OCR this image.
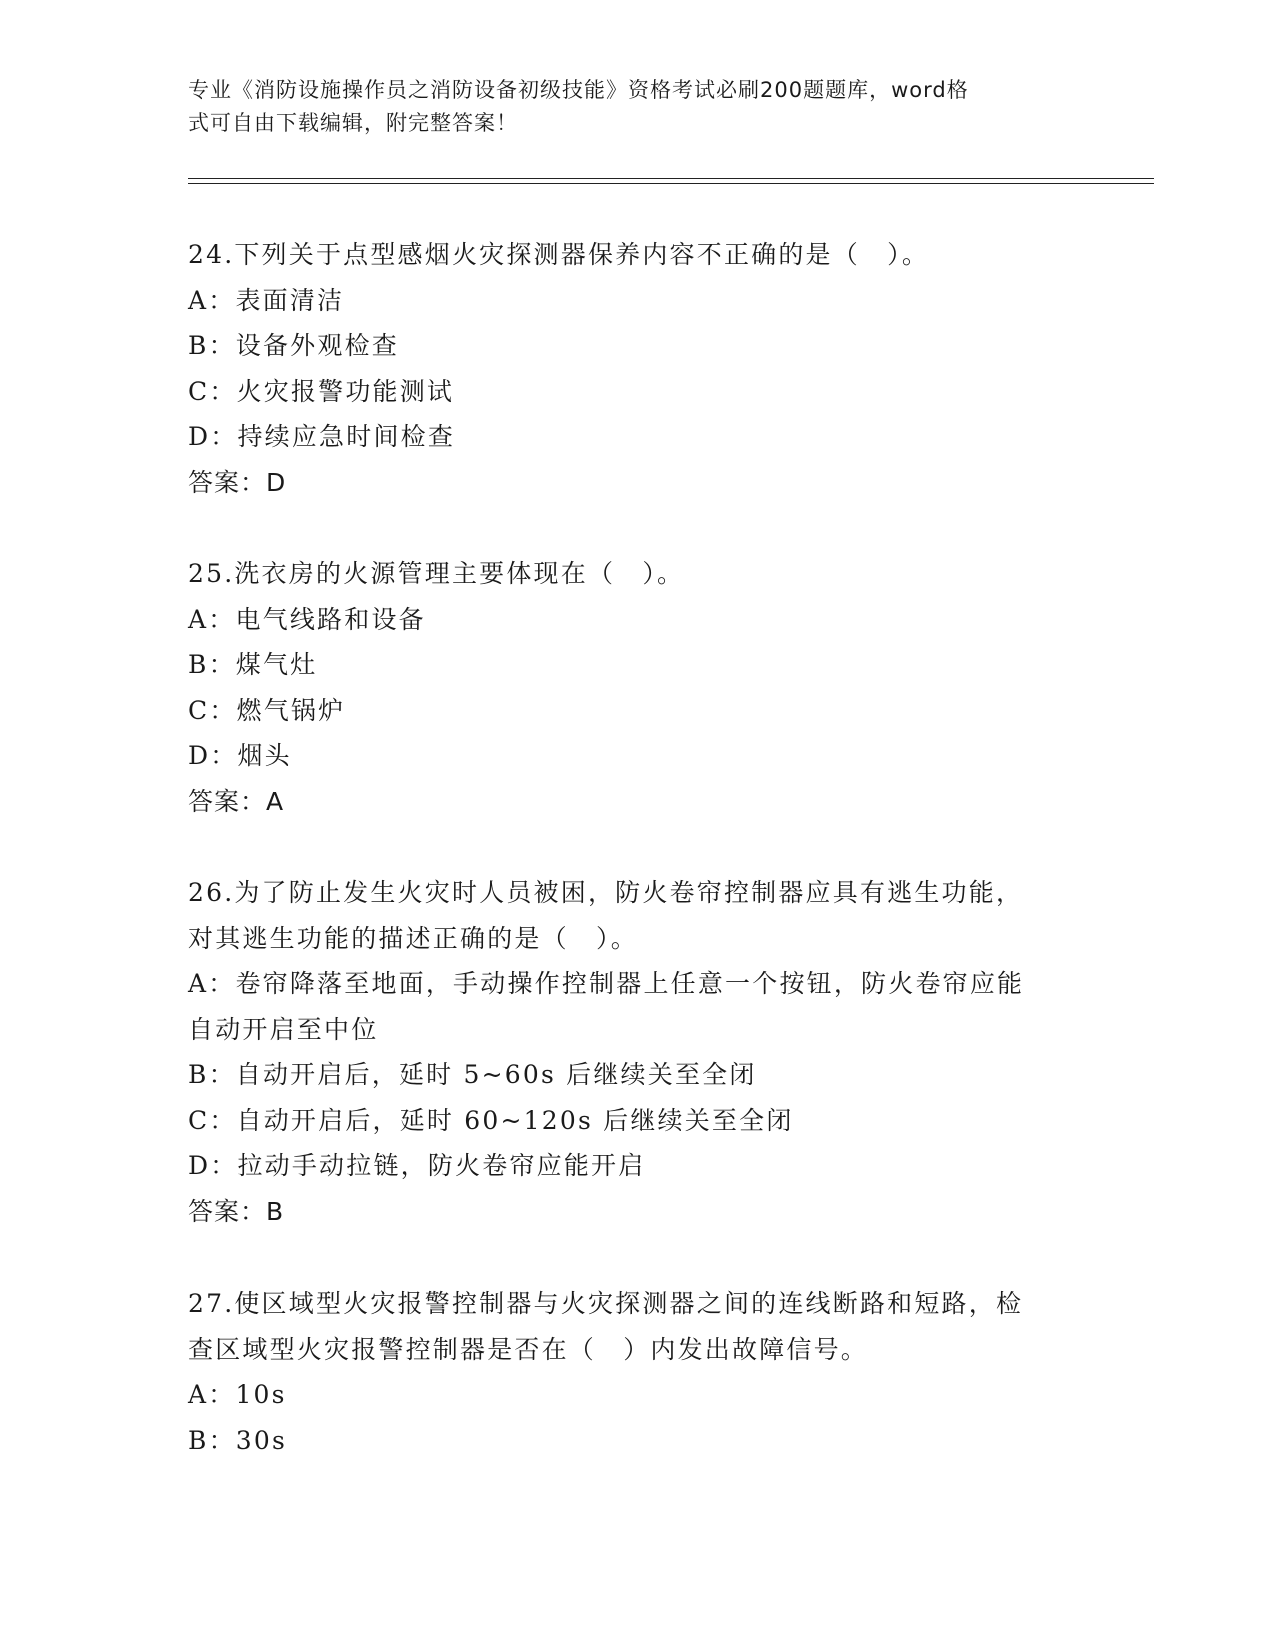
专业《消防设施操作员之消防设备初级技能》资格考试必刷200题题库，word格
式可自由下载编辑，附完整答案！
24.下列关于点型感烟火灾探测器保养内容不正确的是（　）。
A：表面清洁
B：设备外观检查
C：火灾报警功能测试
D：持续应急时间检查
答案：D
25.洗衣房的火源管理主要体现在（　）。
A：电气线路和设备
B：煤气灶
C：燃气锅炉
D：烟头
答案：A
26.为了防止发生火灾时人员被困，防火卷帘控制器应具有逃生功能，
对其逃生功能的描述正确的是（　）。
A：卷帘降落至地面，手动操作控制器上任意一个按钮，防火卷帘应能
自动开启至中位
B：自动开启后，延时 5~60s 后继续关至全闭
C：自动开启后，延时 60~120s 后继续关至全闭
D：拉动手动拉链，防火卷帘应能开启
答案：B
27.使区域型火灾报警控制器与火灾探测器之间的连线断路和短路，检
查区域型火灾报警控制器是否在（　）内发出故障信号。
A：10s
B：30s
